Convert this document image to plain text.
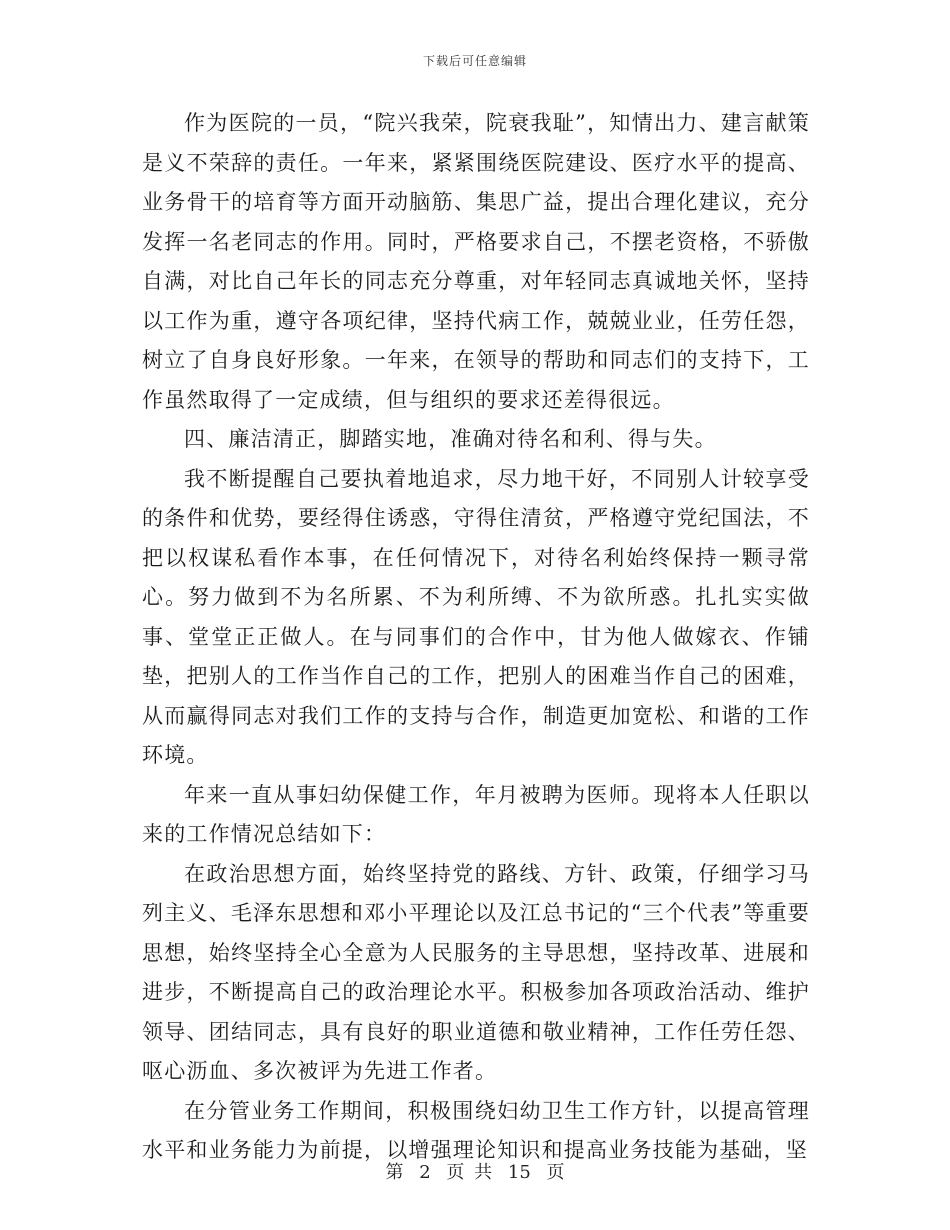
下载后可任意编辑

作为医院的一员，“院兴我荣，院衰我耻”，知情出力、建言献策是义不荣辞的责任。一年来，紧紧围绕医院建设、医疗水平的提高、业务骨干的培育等方面开动脑筋、集思广益，提出合理化建议，充分发挥一名老同志的作用。同时，严格要求自己，不摆老资格，不骄傲自满，对比自己年长的同志充分尊重，对年轻同志真诚地关怀，坚持以工作为重，遵守各项纪律，坚持代病工作，兢兢业业，任劳任怨，树立了自身良好形象。一年来，在领导的帮助和同志们的支持下，工作虽然取得了一定成绩，但与组织的要求还差得很远。

四、廉洁清正，脚踏实地，准确对待名和利、得与失。

我不断提醒自己要执着地追求，尽力地干好，不同别人计较享受的条件和优势，要经得住诱惑，守得住清贫，严格遵守党纪国法，不把以权谋私看作本事，在任何情况下，对待名利始终保持一颗寻常心。努力做到不为名所累、不为利所缚、不为欲所惑。扎扎实实做事、堂堂正正做人。在与同事们的合作中，甘为他人做嫁衣、作铺垫，把别人的工作当作自己的工作，把别人的困难当作自己的困难，从而赢得同志对我们工作的支持与合作，制造更加宽松、和谐的工作环境。

年来一直从事妇幼保健工作，年月被聘为医师。现将本人任职以来的工作情况总结如下：

在政治思想方面，始终坚持党的路线、方针、政策，仔细学习马列主义、毛泽东思想和邓小平理论以及江总书记的“三个代表”等重要思想，始终坚持全心全意为人民服务的主导思想，坚持改革、进展和进步，不断提高自己的政治理论水平。积极参加各项政治活动、维护领导、团结同志，具有良好的职业道德和敬业精神，工作任劳任怨、呕心沥血、多次被评为先进工作者。

在分管业务工作期间，积极围绕妇幼卫生工作方针，以提高管理水平和业务能力为前提，以增强理论知识和提高业务技能为基础，坚

第 2 页 共 15 页
